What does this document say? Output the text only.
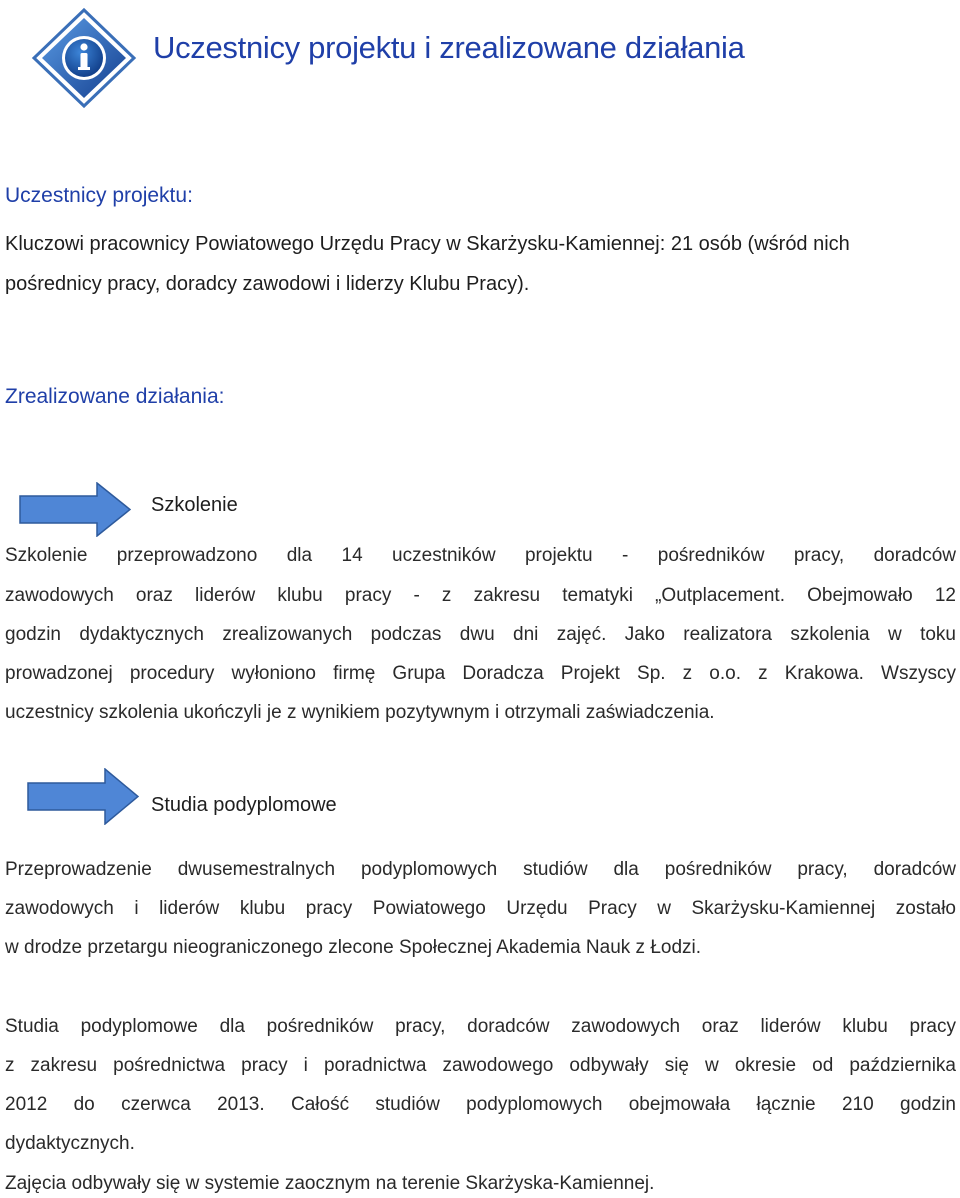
Uczestnicy projektu i zrealizowane działania
Uczestnicy projektu:
Kluczowi pracownicy Powiatowego Urzędu Pracy w Skarżysku-Kamiennej: 21 osób (wśród nich
pośrednicy pracy, doradcy zawodowi i liderzy Klubu Pracy).
Zrealizowane działania:
Szkolenie
Szkolenie przeprowadzono dla 14 uczestników projektu - pośredników pracy, doradców
zawodowych oraz liderów klubu pracy - z zakresu tematyki „Outplacement. Obejmowało 12
godzin dydaktycznych zrealizowanych podczas dwu dni zajęć. Jako realizatora szkolenia w toku
prowadzonej procedury wyłoniono firmę Grupa Doradcza Projekt Sp. z o.o. z Krakowa. Wszyscy
uczestnicy szkolenia ukończyli je z wynikiem pozytywnym i otrzymali zaświadczenia.
Studia podyplomowe
Przeprowadzenie dwusemestralnych podyplomowych studiów dla pośredników pracy, doradców
zawodowych i liderów klubu pracy Powiatowego Urzędu Pracy w Skarżysku-Kamiennej zostało
w drodze przetargu nieograniczonego zlecone Społecznej Akademia Nauk z Łodzi.
Studia podyplomowe dla pośredników pracy, doradców zawodowych oraz liderów klubu pracy
z zakresu pośrednictwa pracy i poradnictwa zawodowego odbywały się w okresie od października
2012 do czerwca 2013. Całość studiów podyplomowych obejmowała łącznie 210 godzin
dydaktycznych.
Zajęcia odbywały się w systemie zaocznym na terenie Skarżyska-Kamiennej.
